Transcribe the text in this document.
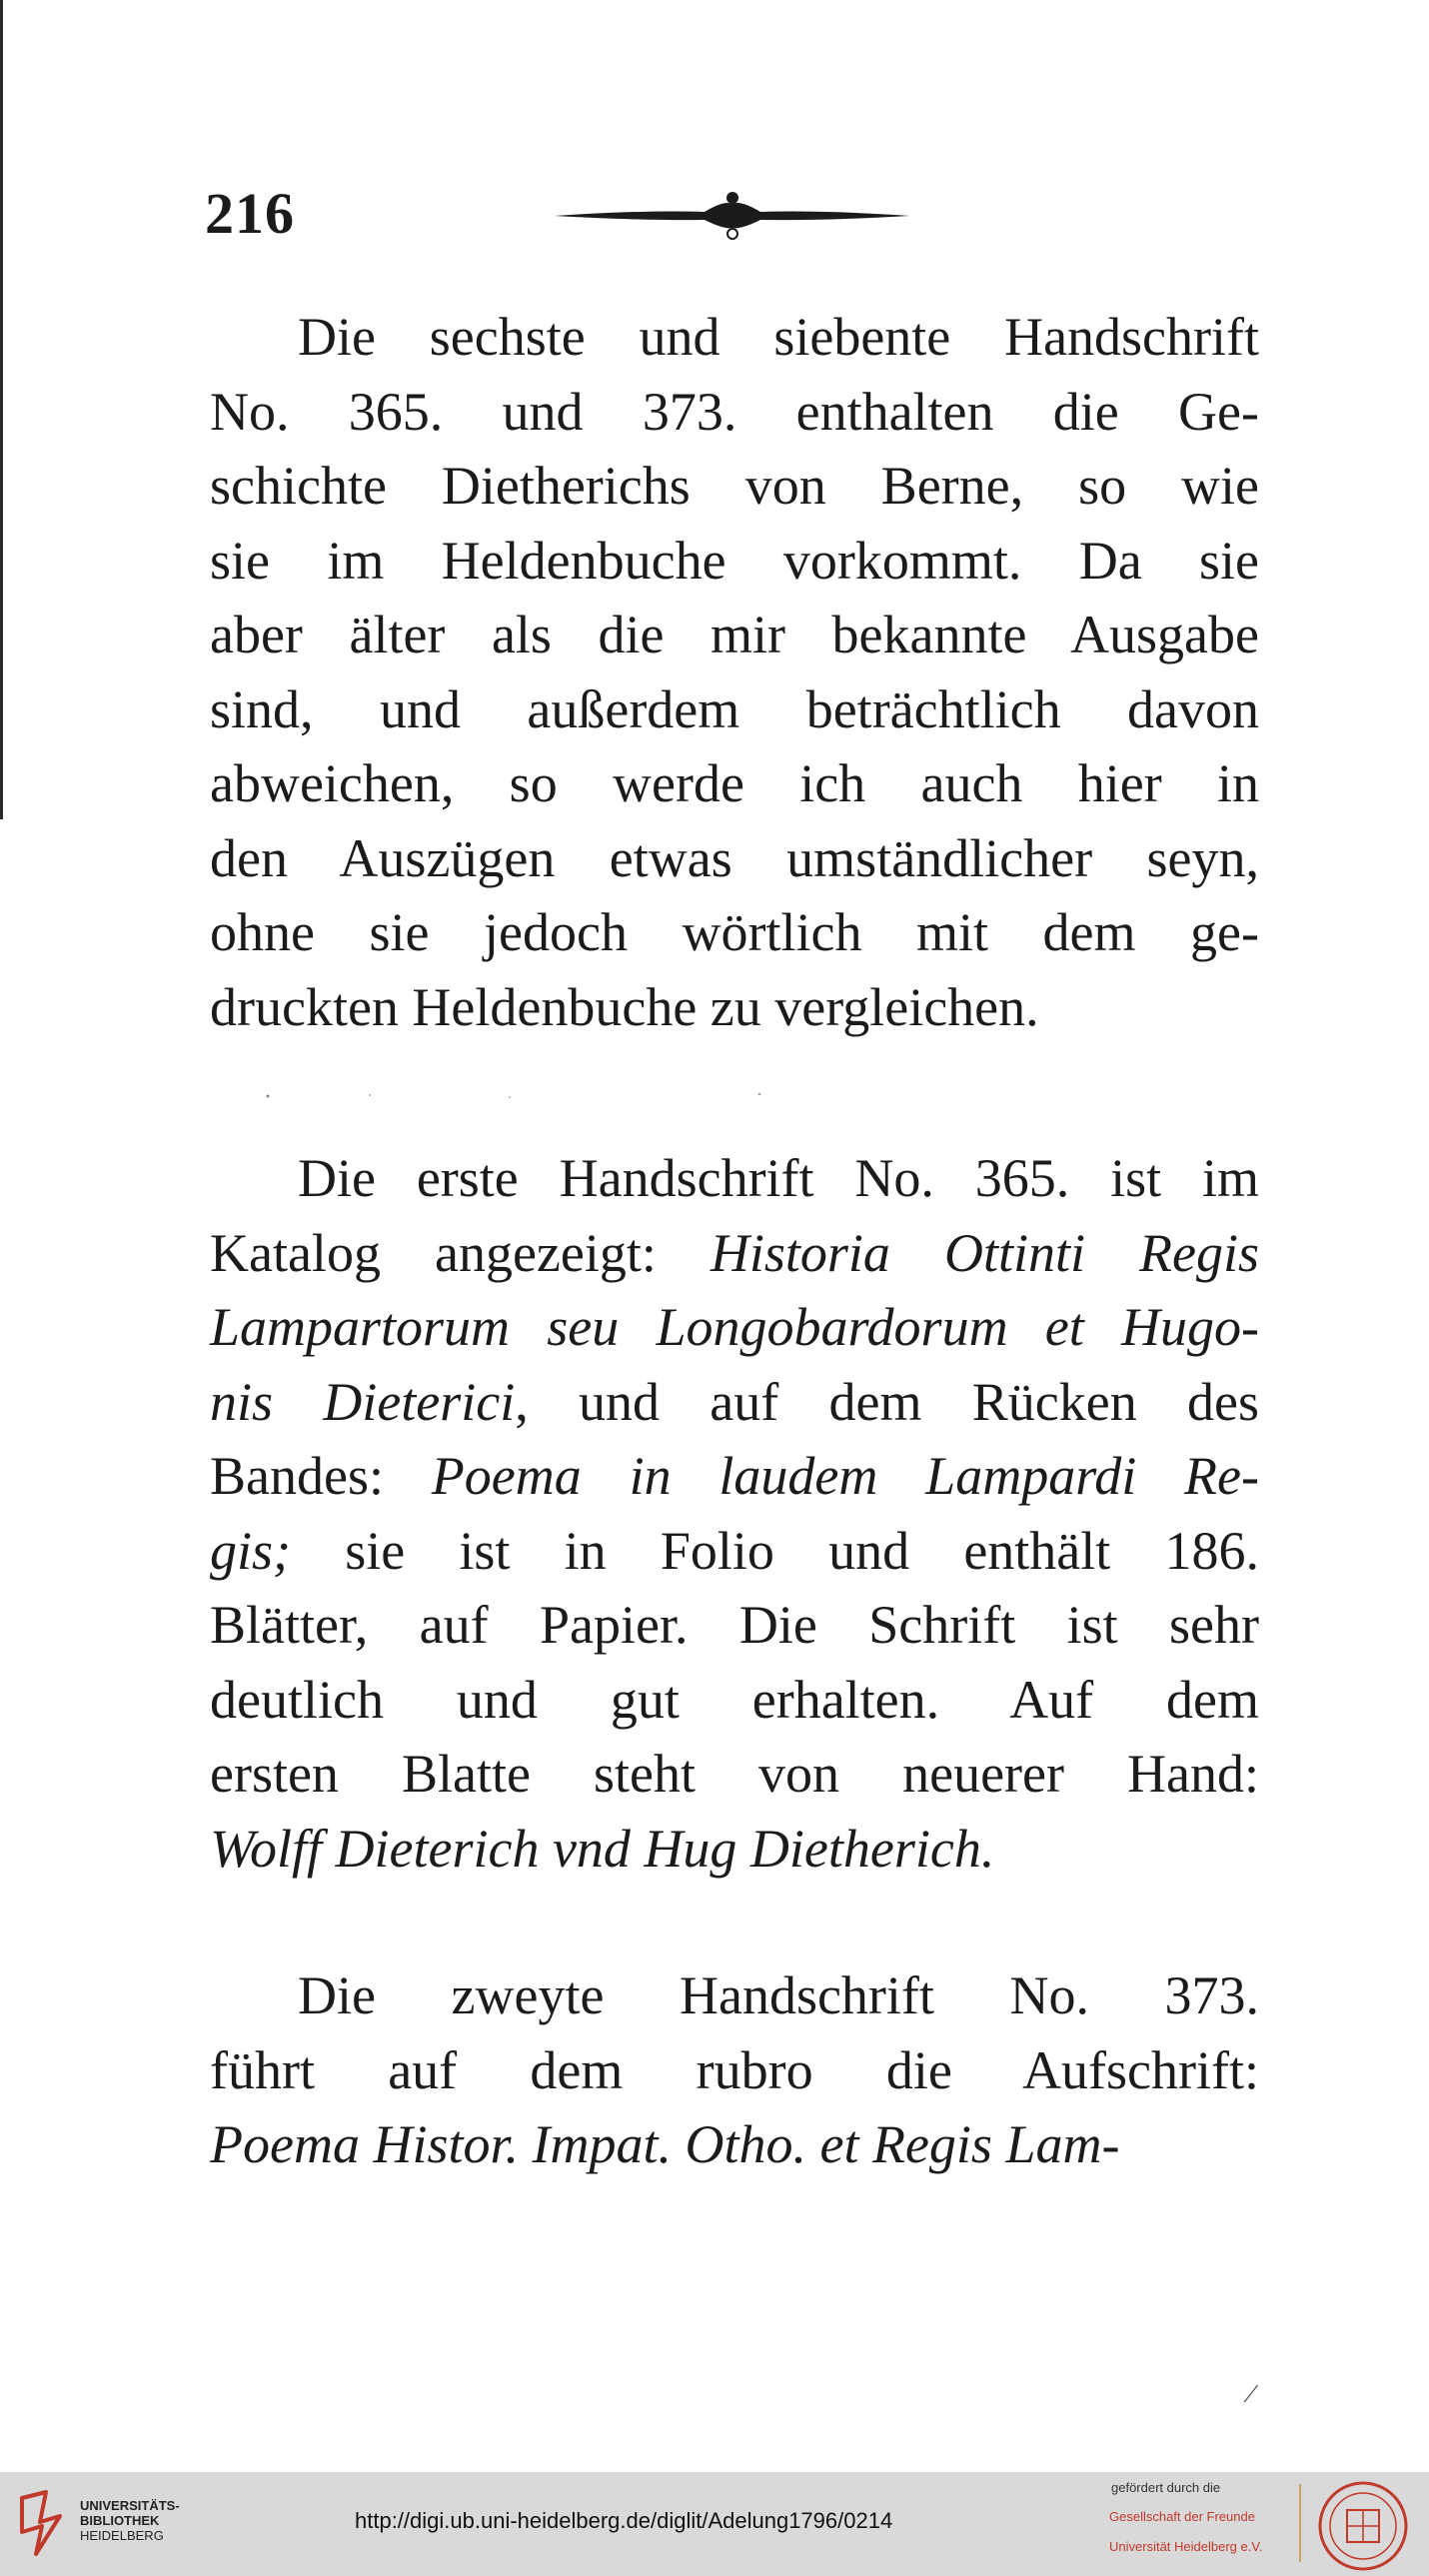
216
Die sechste und siebente Handschrift
No. 365. und 373. enthalten die Ge-
schichte Dietherichs von Berne, so wie
sie im Heldenbuche vorkommt. Da sie
aber älter als die mir bekannte Ausgabe
sind, und außerdem beträchtlich davon
abweichen, so werde ich auch hier in
den Auszügen etwas umständlicher seyn,
ohne sie jedoch wörtlich mit dem ge-
druckten Heldenbuche zu vergleichen.
Die erste Handschrift No. 365. ist im
Katalog angezeigt: Historia Ottinti Regis
Lampartorum seu Longobardorum et Hugo-
nis Dieterici, und auf dem Rücken des
Bandes: Poema in laudem Lampardi Re-
gis; sie ist in Folio und enthält 186.
Blätter, auf Papier. Die Schrift ist sehr
deutlich und gut erhalten. Auf dem
ersten Blatte steht von neuerer Hand:
Wolff Dieterich vnd Hug Dietherich.
Die zweyte Handschrift No. 373.
führt auf dem rubro die Aufschrift:
Poema Histor. Impat. Otho. et Regis Lam-
⁄
UNIVERSITÄTS-
BIBLIOTHEK
HEIDELBERG
http://digi.ub.uni-heidelberg.de/diglit/Adelung1796/0214
gefördert durch die
Gesellschaft der Freunde
Universität Heidelberg e.V.
